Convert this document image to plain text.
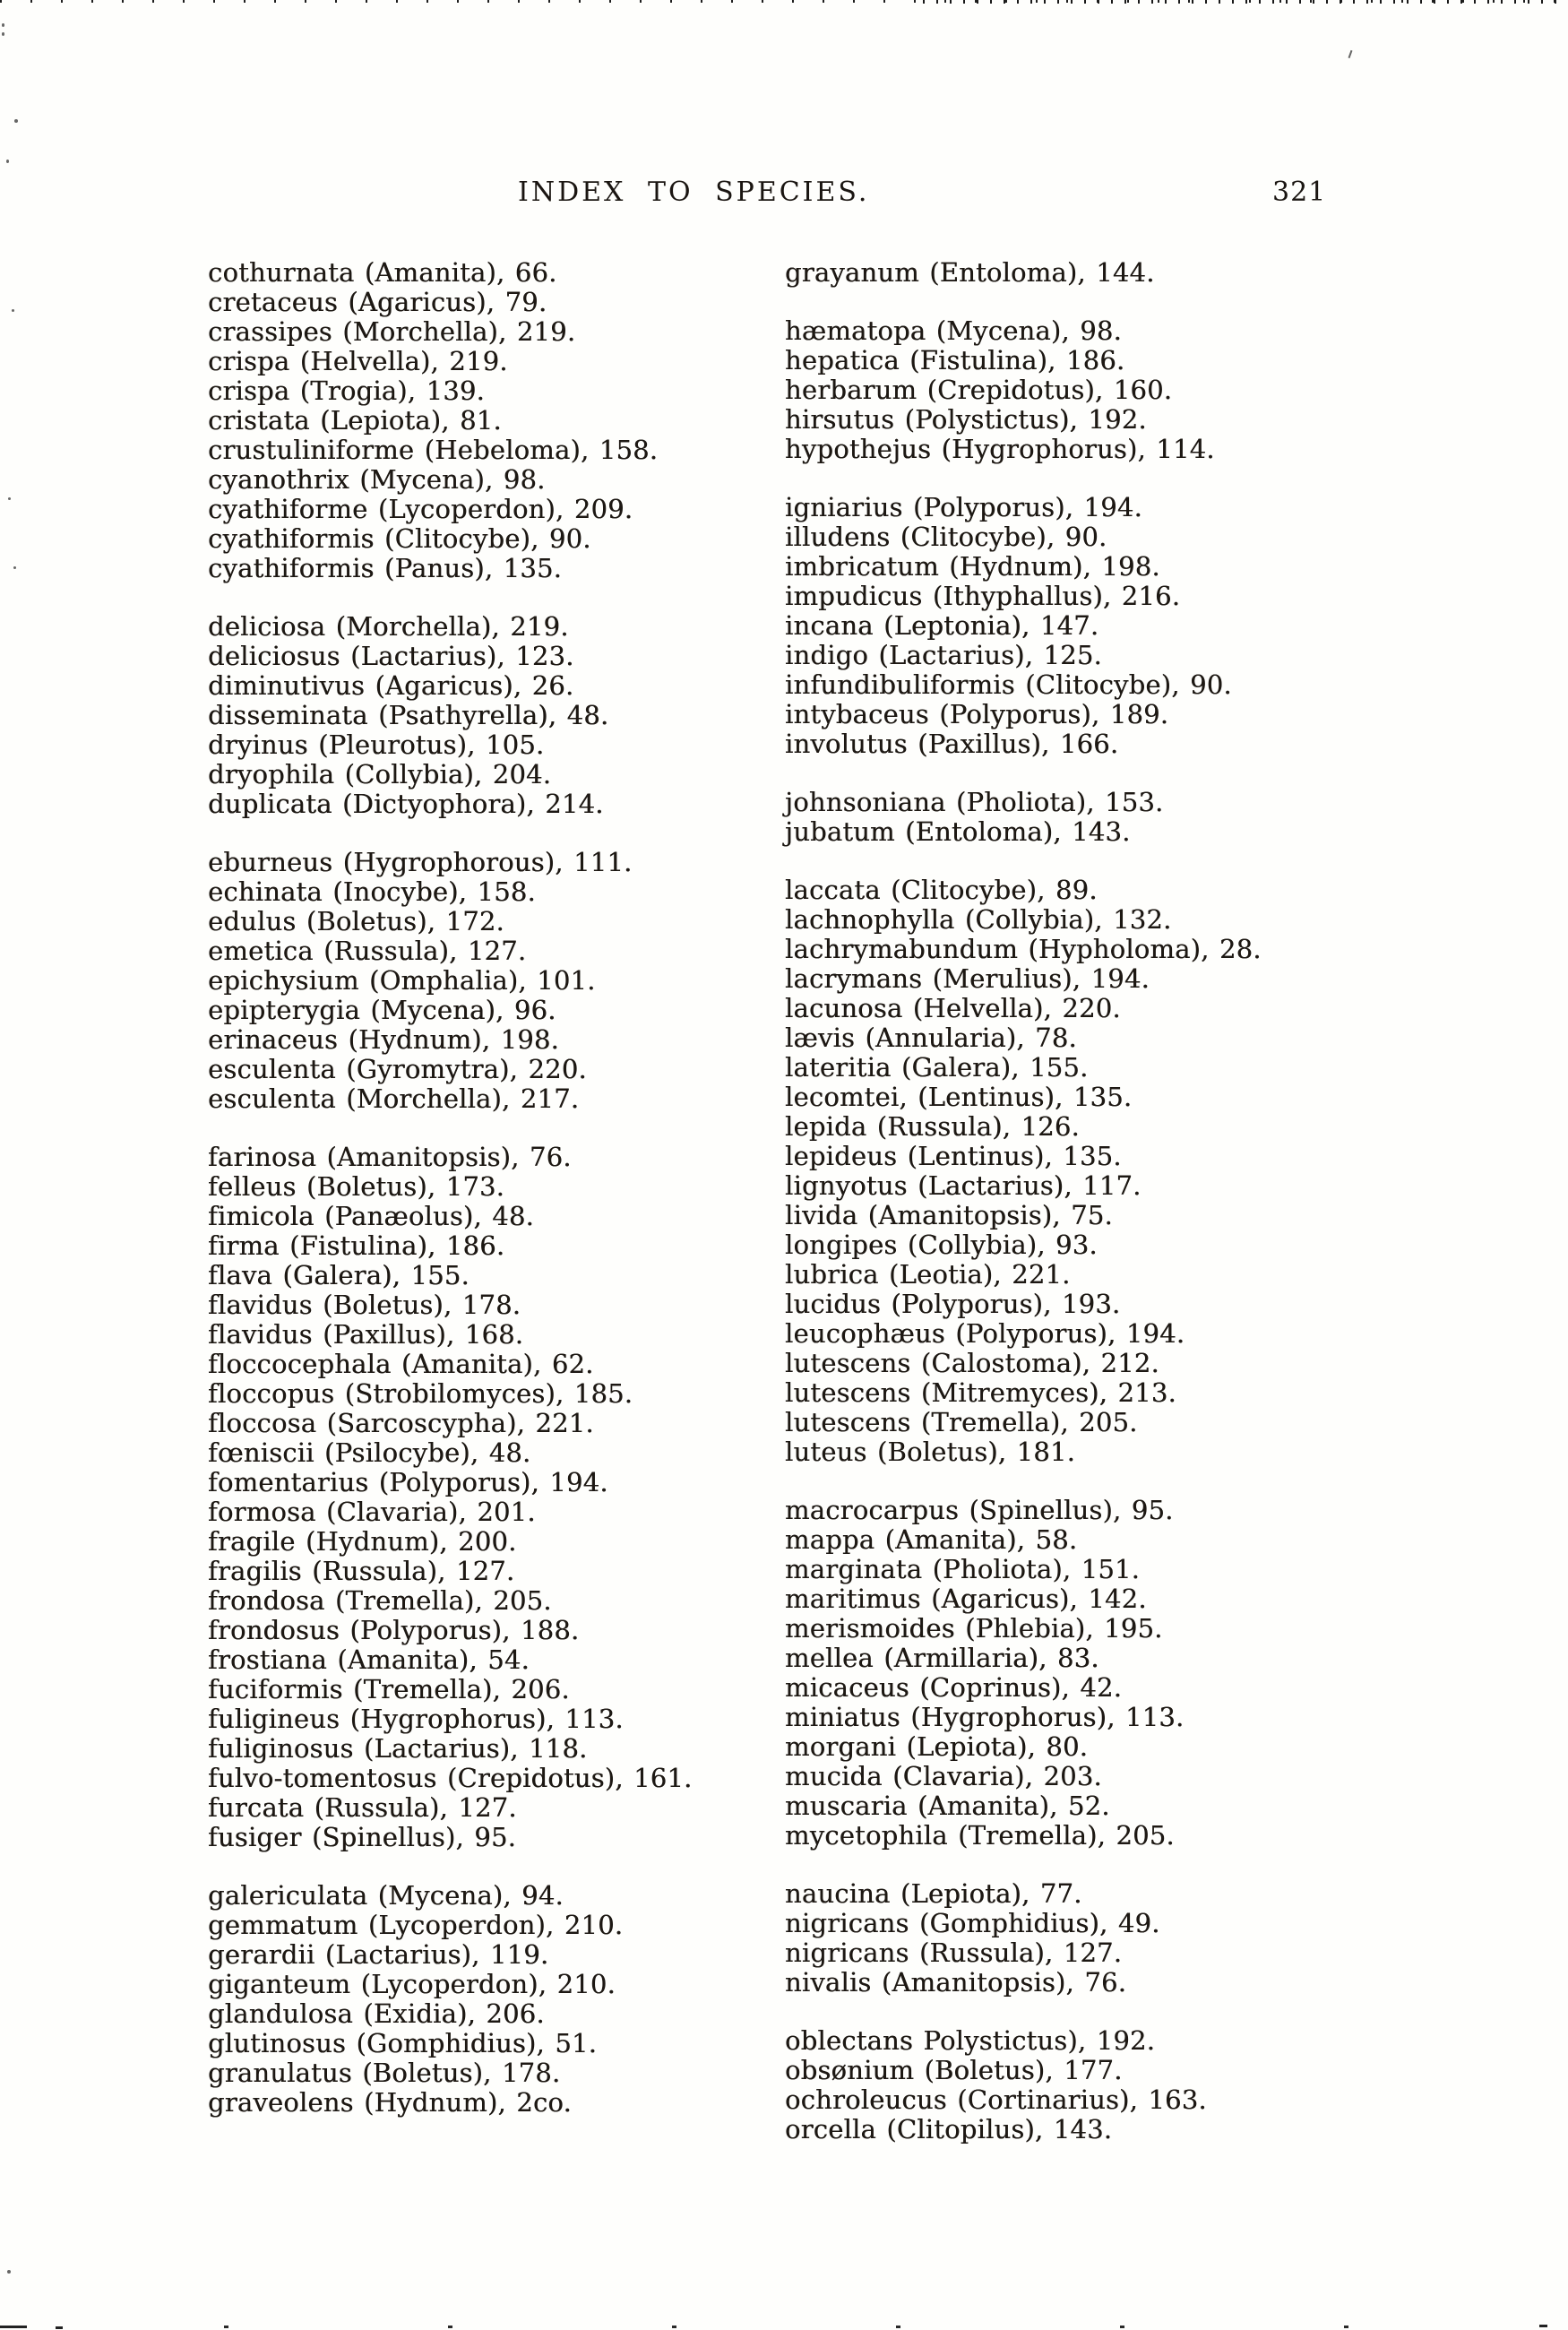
INDEX TO SPECIES.	321
cothurnata (Amanita), 66.
cretaceus (Agaricus), 79.
crassipes (Morchella), 219.
crispa (Helvella), 219.
crispa (Trogia), 139.
cristata (Lepiota), 81.
crustuliniforme (Hebeloma), 158.
cyanothrix (Mycena), 98.
cyathiforme (Lycoperdon), 209.
cyathiformis (Clitocybe), 90.
cyathiformis (Panus), 135.
deliciosa (Morchella), 219.
deliciosus (Lactarius), 123.
diminutivus (Agaricus), 26.
disseminata (Psathyrella), 48.
dryinus (Pleurotus), 105.
dryophila (Collybia), 204.
duplicata (Dictyophora), 214.
eburneus (Hygrophorous), 111.
echinata (Inocybe), 158.
edulus (Boletus), 172.
emetica (Russula), 127.
epichysium (Omphalia), 101.
epipterygia (Mycena), 96.
erinaceus (Hydnum), 198.
esculenta (Gyromytra), 220.
esculenta (Morchella), 217.
farinosa (Amanitopsis), 76.
felleus (Boletus), 173.
fimicola (Panæolus), 48.
firma (Fistulina), 186.
flava (Galera), 155.
flavidus (Boletus), 178.
flavidus (Paxillus), 168.
floccocephala (Amanita), 62.
floccopus (Strobilomyces), 185.
floccosa (Sarcoscypha), 221.
fœniscii (Psilocybe), 48.
fomentarius (Polyporus), 194.
formosa (Clavaria), 201.
fragile (Hydnum), 200.
fragilis (Russula), 127.
frondosa (Tremella), 205.
frondosus (Polyporus), 188.
frostiana (Amanita), 54.
fuciformis (Tremella), 206.
fuligineus (Hygrophorus), 113.
fuliginosus (Lactarius), 118.
fulvo-tomentosus (Crepidotus), 161.
furcata (Russula), 127.
fusiger (Spinellus), 95.
galericulata (Mycena), 94.
gemmatum (Lycoperdon), 210.
gerardii (Lactarius), 119.
giganteum (Lycoperdon), 210.
glandulosa (Exidia), 206.
glutinosus (Gomphidius), 51.
granulatus (Boletus), 178.
graveolens (Hydnum), 2co.
grayanum (Entoloma), 144.
hæmatopa (Mycena), 98.
hepatica (Fistulina), 186.
herbarum (Crepidotus), 160.
hirsutus (Polystictus), 192.
hypothejus (Hygrophorus), 114.
igniarius (Polyporus), 194.
illudens (Clitocybe), 90.
imbricatum (Hydnum), 198.
impudicus (Ithyphallus), 216.
incana (Leptonia), 147.
indigo (Lactarius), 125.
infundibuliformis (Clitocybe), 90.
intybaceus (Polyporus), 189.
involutus (Paxillus), 166.
johnsoniana (Pholiota), 153.
jubatum (Entoloma), 143.
laccata (Clitocybe), 89.
lachnophylla (Collybia), 132.
lachrymabundum (Hypholoma), 28.
lacrymans (Merulius), 194.
lacunosa (Helvella), 220.
lævis (Annularia), 78.
lateritia (Galera), 155.
lecomtei, (Lentinus), 135.
lepida (Russula), 126.
lepideus (Lentinus), 135.
lignyotus (Lactarius), 117.
livida (Amanitopsis), 75.
longipes (Collybia), 93.
lubrica (Leotia), 221.
lucidus (Polyporus), 193.
leucophæus (Polyporus), 194.
lutescens (Calostoma), 212.
lutescens (Mitremyces), 213.
lutescens (Tremella), 205.
luteus (Boletus), 181.
macrocarpus (Spinellus), 95.
mappa (Amanita), 58.
marginata (Pholiota), 151.
maritimus (Agaricus), 142.
merismoides (Phlebia), 195.
mellea (Armillaria), 83.
micaceus (Coprinus), 42.
miniatus (Hygrophorus), 113.
morgani (Lepiota), 80.
mucida (Clavaria), 203.
muscaria (Amanita), 52.
mycetophila (Tremella), 205.
naucina (Lepiota), 77.
nigricans (Gomphidius), 49.
nigricans (Russula), 127.
nivalis (Amanitopsis), 76.
oblectans Polystictus), 192.
obsønium (Boletus), 177.
ochroleucus (Cortinarius), 163.
orcella (Clitopilus), 143.
